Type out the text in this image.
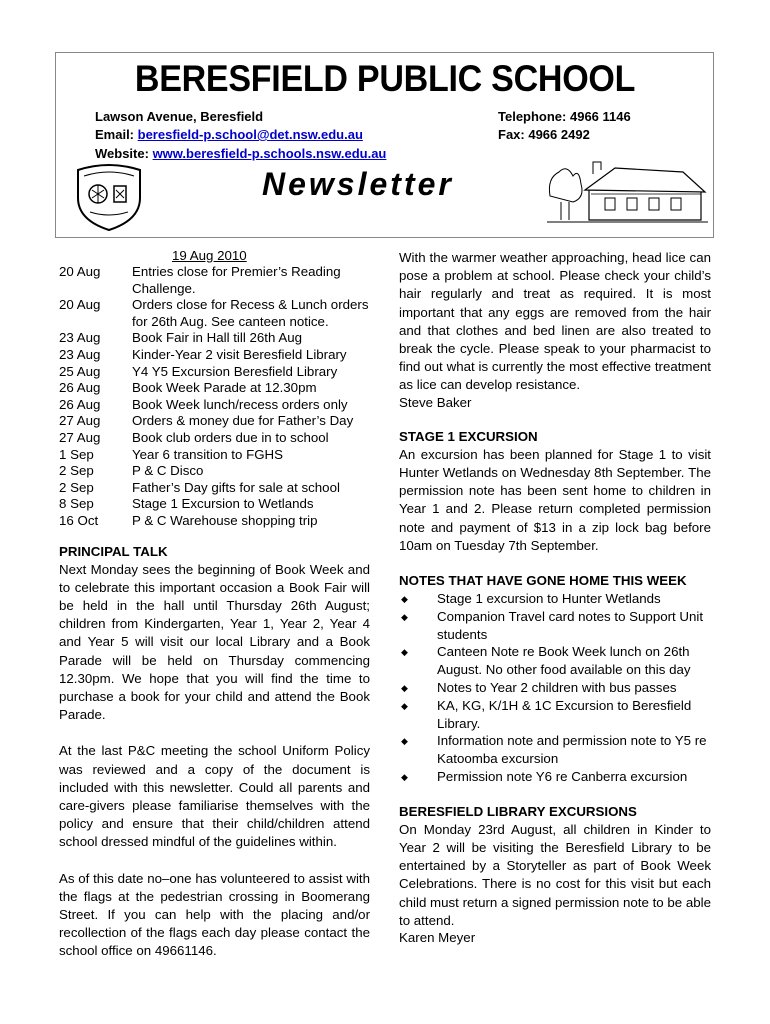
BERESFIELD PUBLIC SCHOOL
Lawson Avenue, Beresfield
Email: beresfield-p.school@det.nsw.edu.au
Website: www.beresfield-p.schools.nsw.edu.au
Telephone: 4966 1146
Fax: 4966 2492
Newsletter
19 Aug 2010
20 Aug	Entries close for Premier’s Reading Challenge.
20 Aug	Orders close for Recess & Lunch orders for 26th Aug. See canteen notice.
23 Aug	Book Fair in Hall till 26th Aug
23 Aug	Kinder-Year 2 visit Beresfield Library
25 Aug	Y4 Y5 Excursion Beresfield Library
26 Aug	Book Week Parade at 12.30pm
26 Aug	Book Week lunch/recess orders only
27 Aug	Orders & money due for Father’s Day
27 Aug	Book club orders due in to school
1 Sep	Year 6 transition to FGHS
2 Sep	P & C Disco
2 Sep	Father’s Day gifts for sale at school
8 Sep	Stage 1 Excursion to Wetlands
16 Oct	P & C Warehouse shopping trip
PRINCIPAL TALK
Next Monday sees the beginning of Book Week and to celebrate this important occasion a Book Fair will be held in the hall until Thursday 26th August; children from Kindergarten, Year 1, Year 2, Year 4 and Year 5 will visit our local Library and a Book Parade will be held on Thursday commencing 12.30pm. We hope that you will find the time to purchase a book for your child and attend the Book Parade.
At the last P&C meeting the school Uniform Policy was reviewed and a copy of the document is included with this newsletter. Could all parents and care-givers please familiarise themselves with the policy and ensure that their child/children attend school dressed mindful of the guidelines within.
As of this date no–one has volunteered to assist with the flags at the pedestrian crossing in Boomerang Street. If you can help with the placing and/or recollection of the flags each day please contact the school office on 49661146.
With the warmer weather approaching, head lice can pose a problem at school. Please check your child’s hair regularly and treat as required. It is most important that any eggs are removed from the hair and that clothes and bed linen are also treated to break the cycle. Please speak to your pharmacist to find out what is currently the most effective treatment as lice can develop resistance.
Steve Baker
STAGE 1 EXCURSION
An excursion has been planned for Stage 1 to visit Hunter Wetlands on Wednesday 8th September. The permission note has been sent home to children in Year 1 and 2. Please return completed permission note and payment of $13 in a zip lock bag before 10am on Tuesday 7th September.
NOTES THAT HAVE GONE HOME THIS WEEK
◆	Stage 1 excursion to Hunter Wetlands
◆	Companion Travel card notes to Support Unit students
◆	Canteen Note re Book Week lunch on 26th August. No other food available on this day
◆	Notes to Year 2 children with bus passes
◆	KA, KG, K/1H & 1C Excursion to Beresfield Library.
◆	Information note and permission note to Y5 re Katoomba excursion
◆	Permission note Y6 re Canberra excursion
BERESFIELD LIBRARY EXCURSIONS
On Monday 23rd August, all children in Kinder to Year 2 will be visiting the Beresfield Library to be entertained by a Storyteller as part of Book Week Celebrations. There is no cost for this visit but each child must return a signed permission note to be able to attend.
Karen Meyer
